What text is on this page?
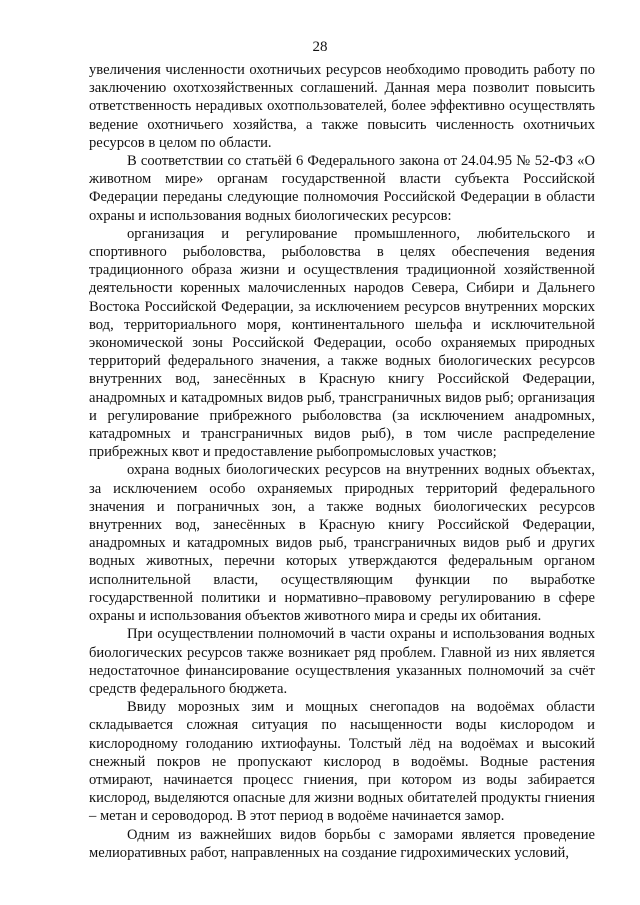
28

увеличения численности охотничьих ресурсов необходимо проводить работу по заключению охотхозяйственных соглашений. Данная мера позволит повысить ответственность нерадивых охотпользователей, более эффективно осуществлять ведение охотничьего хозяйства, а также повысить численность охотничьих ресурсов в целом по области.

В соответствии со статьёй 6 Федерального закона от 24.04.95 № 52-ФЗ «О животном мире» органам государственной власти субъекта Российской Федерации переданы следующие полномочия Российской Федерации в области охраны и использования водных биологических ресурсов:

организация и регулирование промышленного, любительского и спортивного рыболовства, рыболовства в целях обеспечения ведения традиционного образа жизни и осуществления традиционной хозяйственной деятельности коренных малочисленных народов Севера, Сибири и Дальнего Востока Российской Федерации, за исключением ресурсов внутренних морских вод, территориального моря, континентального шельфа и исключительной экономической зоны Российской Федерации, особо охраняемых природных территорий федерального значения, а также водных биологических ресурсов внутренних вод, занесённых в Красную книгу Российской Федерации, анадромных и катадромных видов рыб, трансграничных видов рыб; организация и регулирование прибрежного рыболовства (за исключением анадромных, катадромных и трансграничных видов рыб), в том числе распределение прибрежных квот и предоставление рыбопромысловых участков;

охрана водных биологических ресурсов на внутренних водных объектах, за исключением особо охраняемых природных территорий федерального значения и пограничных зон, а также водных биологических ресурсов внутренних вод, занесённых в Красную книгу Российской Федерации, анадромных и катадромных видов рыб, трансграничных видов рыб и других водных животных, перечни которых утверждаются федеральным органом исполнительной власти, осуществляющим функции по выработке государственной политики и нормативно–правовому регулированию в сфере охраны и использования объектов животного мира и среды их обитания.

При осуществлении полномочий в части охраны и использования водных биологических ресурсов также возникает ряд проблем. Главной из них является недостаточное финансирование осуществления указанных полномочий за счёт средств федерального бюджета.

Ввиду морозных зим и мощных снегопадов на водоёмах области складывается сложная ситуация по насыщенности воды кислородом и кислородному голоданию ихтиофауны. Толстый лёд на водоёмах и высокий снежный покров не пропускают кислород в водоёмы. Водные растения отмирают, начинается процесс гниения, при котором из воды забирается кислород, выделяются опасные для жизни водных обитателей продукты гниения – метан и сероводород. В этот период в водоёме начинается замор.

Одним из важнейших видов борьбы с заморами является проведение мелиоративных работ, направленных на создание гидрохимических условий,
